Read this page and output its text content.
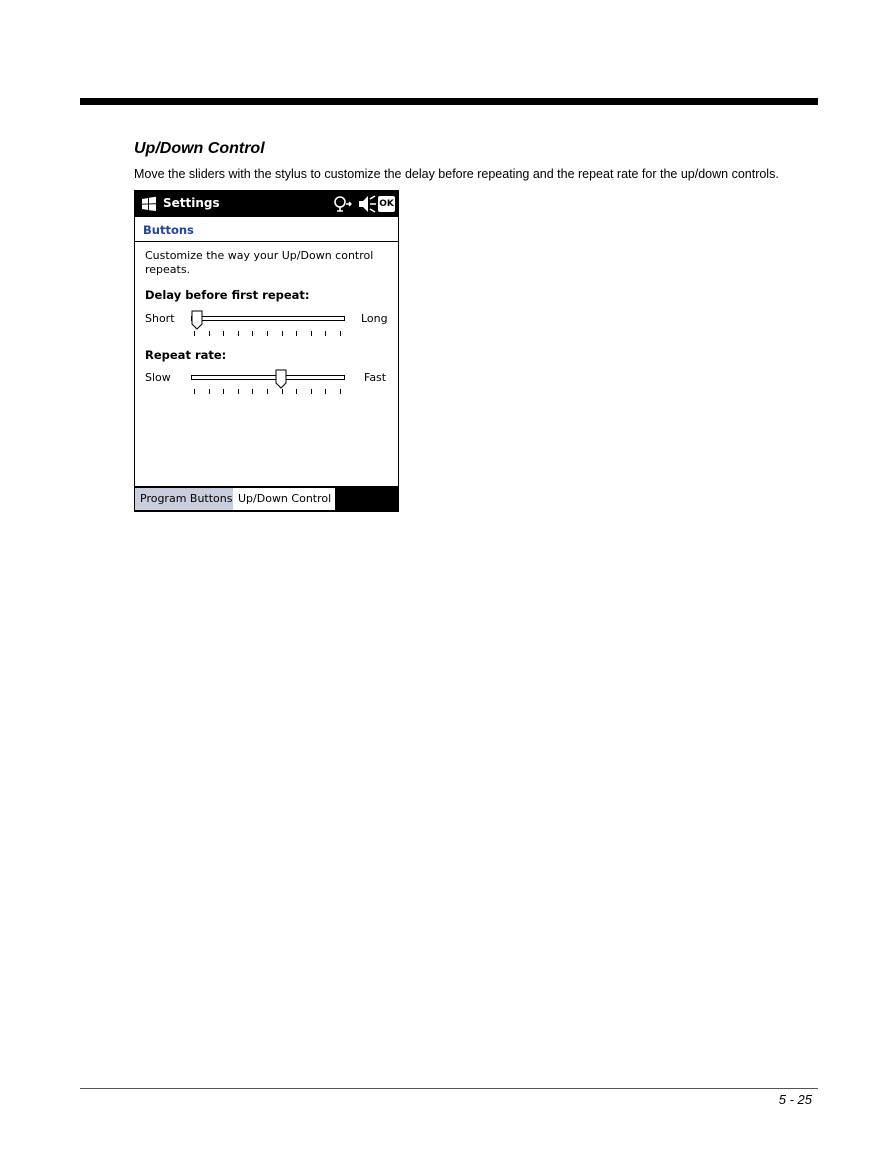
Up/Down Control

Move the sliders with the stylus to customize the delay before repeating and the repeat rate for the up/down controls.

Settings	OK
Buttons
Customize the way your Up/Down control repeats.
Delay before first repeat:
Short	Long
Repeat rate:
Slow	Fast
Program Buttons Up/Down Control
5 - 25
